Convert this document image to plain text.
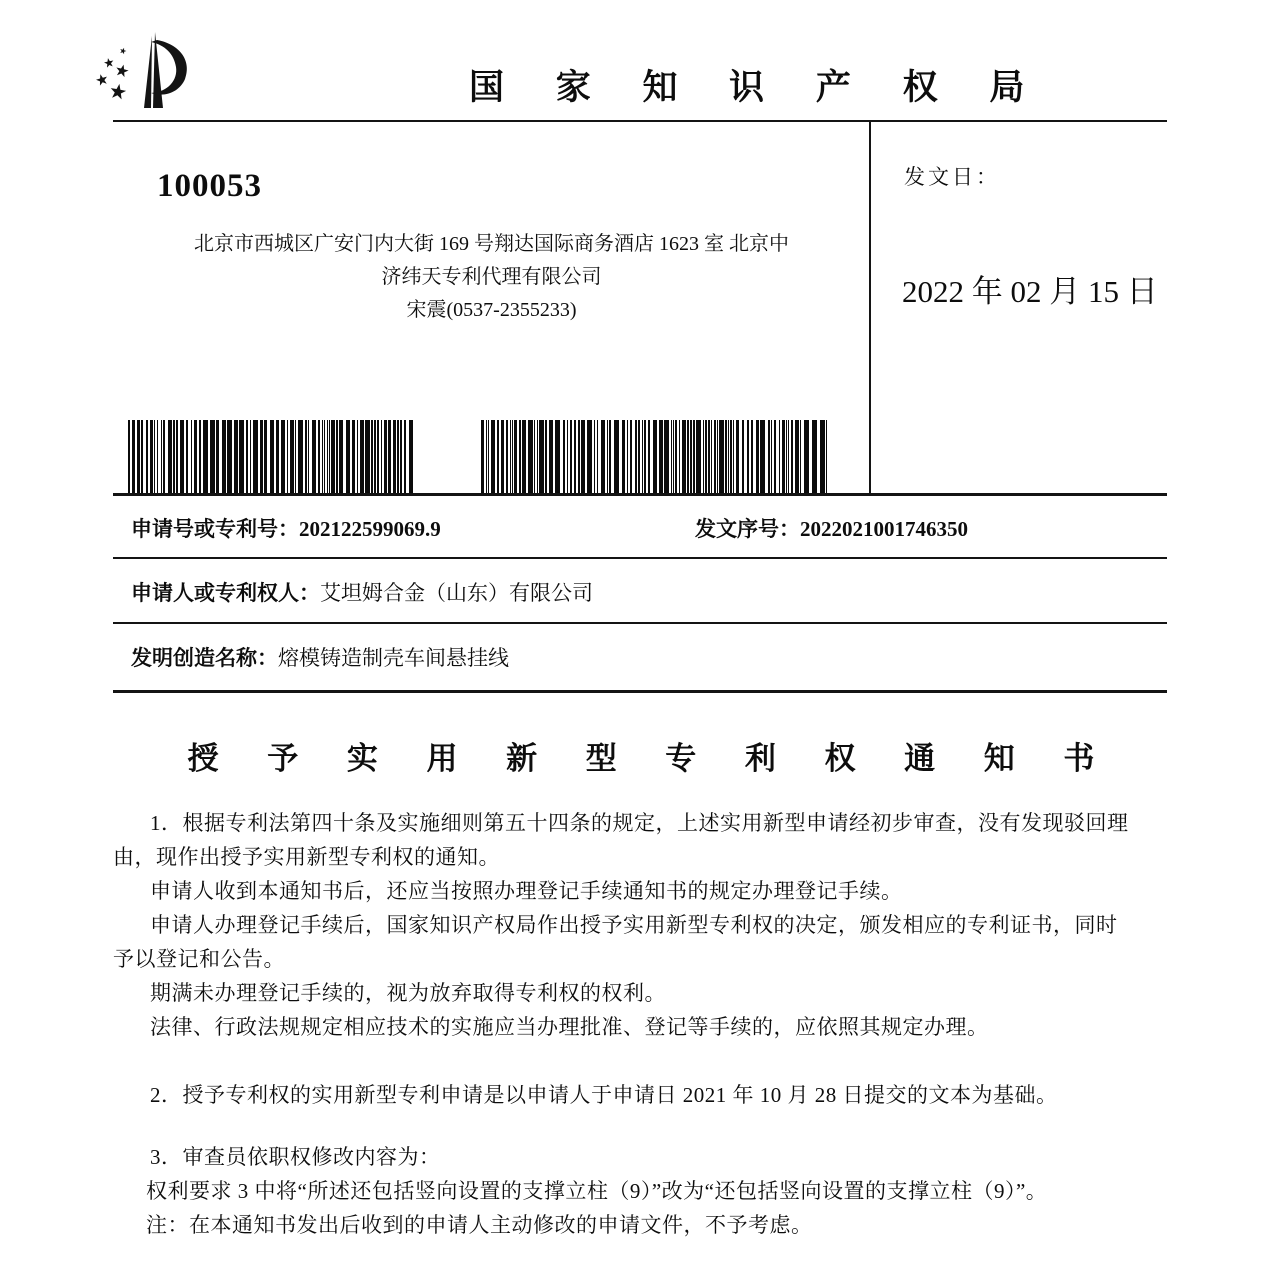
国 家 知 识 产 权 局
100053
北京市西城区广安门内大街 169 号翔达国际商务酒店 1623 室 北京中
济纬天专利代理有限公司
宋震(0537-2355233)
发文日：
2022 年 02 月 15 日
申请号或专利号：202122599069.9	发文序号：2022021001746350
申请人或专利权人：艾坦姆合金（山东）有限公司
发明创造名称：熔模铸造制壳车间悬挂线
授 予 实 用 新 型 专 利 权 通 知 书
1．根据专利法第四十条及实施细则第五十四条的规定，上述实用新型申请经初步审查，没有发现驳回理
由，现作出授予实用新型专利权的通知。
申请人收到本通知书后，还应当按照办理登记手续通知书的规定办理登记手续。
申请人办理登记手续后，国家知识产权局作出授予实用新型专利权的决定，颁发相应的专利证书，同时
予以登记和公告。
期满未办理登记手续的，视为放弃取得专利权的权利。
法律、行政法规规定相应技术的实施应当办理批准、登记等手续的，应依照其规定办理。
2．授予专利权的实用新型专利申请是以申请人于申请日 2021 年 10 月 28 日提交的文本为基础。
3．审查员依职权修改内容为：
权利要求 3 中将“所述还包括竖向设置的支撑立柱（9）”改为“还包括竖向设置的支撑立柱（9）”。
注：在本通知书发出后收到的申请人主动修改的申请文件，不予考虑。
